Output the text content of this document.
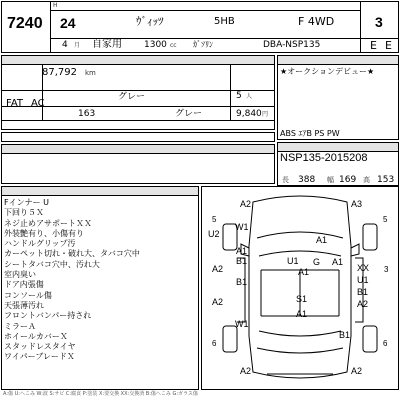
7240
H
24	ｳﾞｨｯﾂ	5HB	F 4WD	3
4 月 自家用 1300 cc ｶﾞｿﾘﾝ	DBA-NSP135	E E
87,792 km
FAT AC
グレー	5 人
163	グレー	9,840 円
★オークションデビュー★
ABS ｴｱB PS PW
NSP135-2015208
長 388 幅 169 高 153
Fインナー U
下回り５Ｘ
ネジ止めアサポートＸＸ
外装艶有り、小傷有り
ハンドルグリップ汚
カーペット切れ・破れ大、タバコ穴中
シートタバコ穴中、汚れ大
室内臭い
ドア内張傷
コンソール傷
天張薄汚れ
フロントバンパー持され
ミラーＡ
ホイールカバーＸ
スタッドレスタイヤ
ワイパーブレードＸ
A2	A3
W1
A1
U2
A1
B1	U1 G A1
XX
A2	A1
U1
B1
B1
S1
A2
A1
A2
W1
B1
A2	A2
5
6
5
6
3
A:傷 U:へこみ W:波 S:サビ C:腐食 P:塗装 X:要交換 XX:交換済 B:傷へこみ G:ガラス傷
